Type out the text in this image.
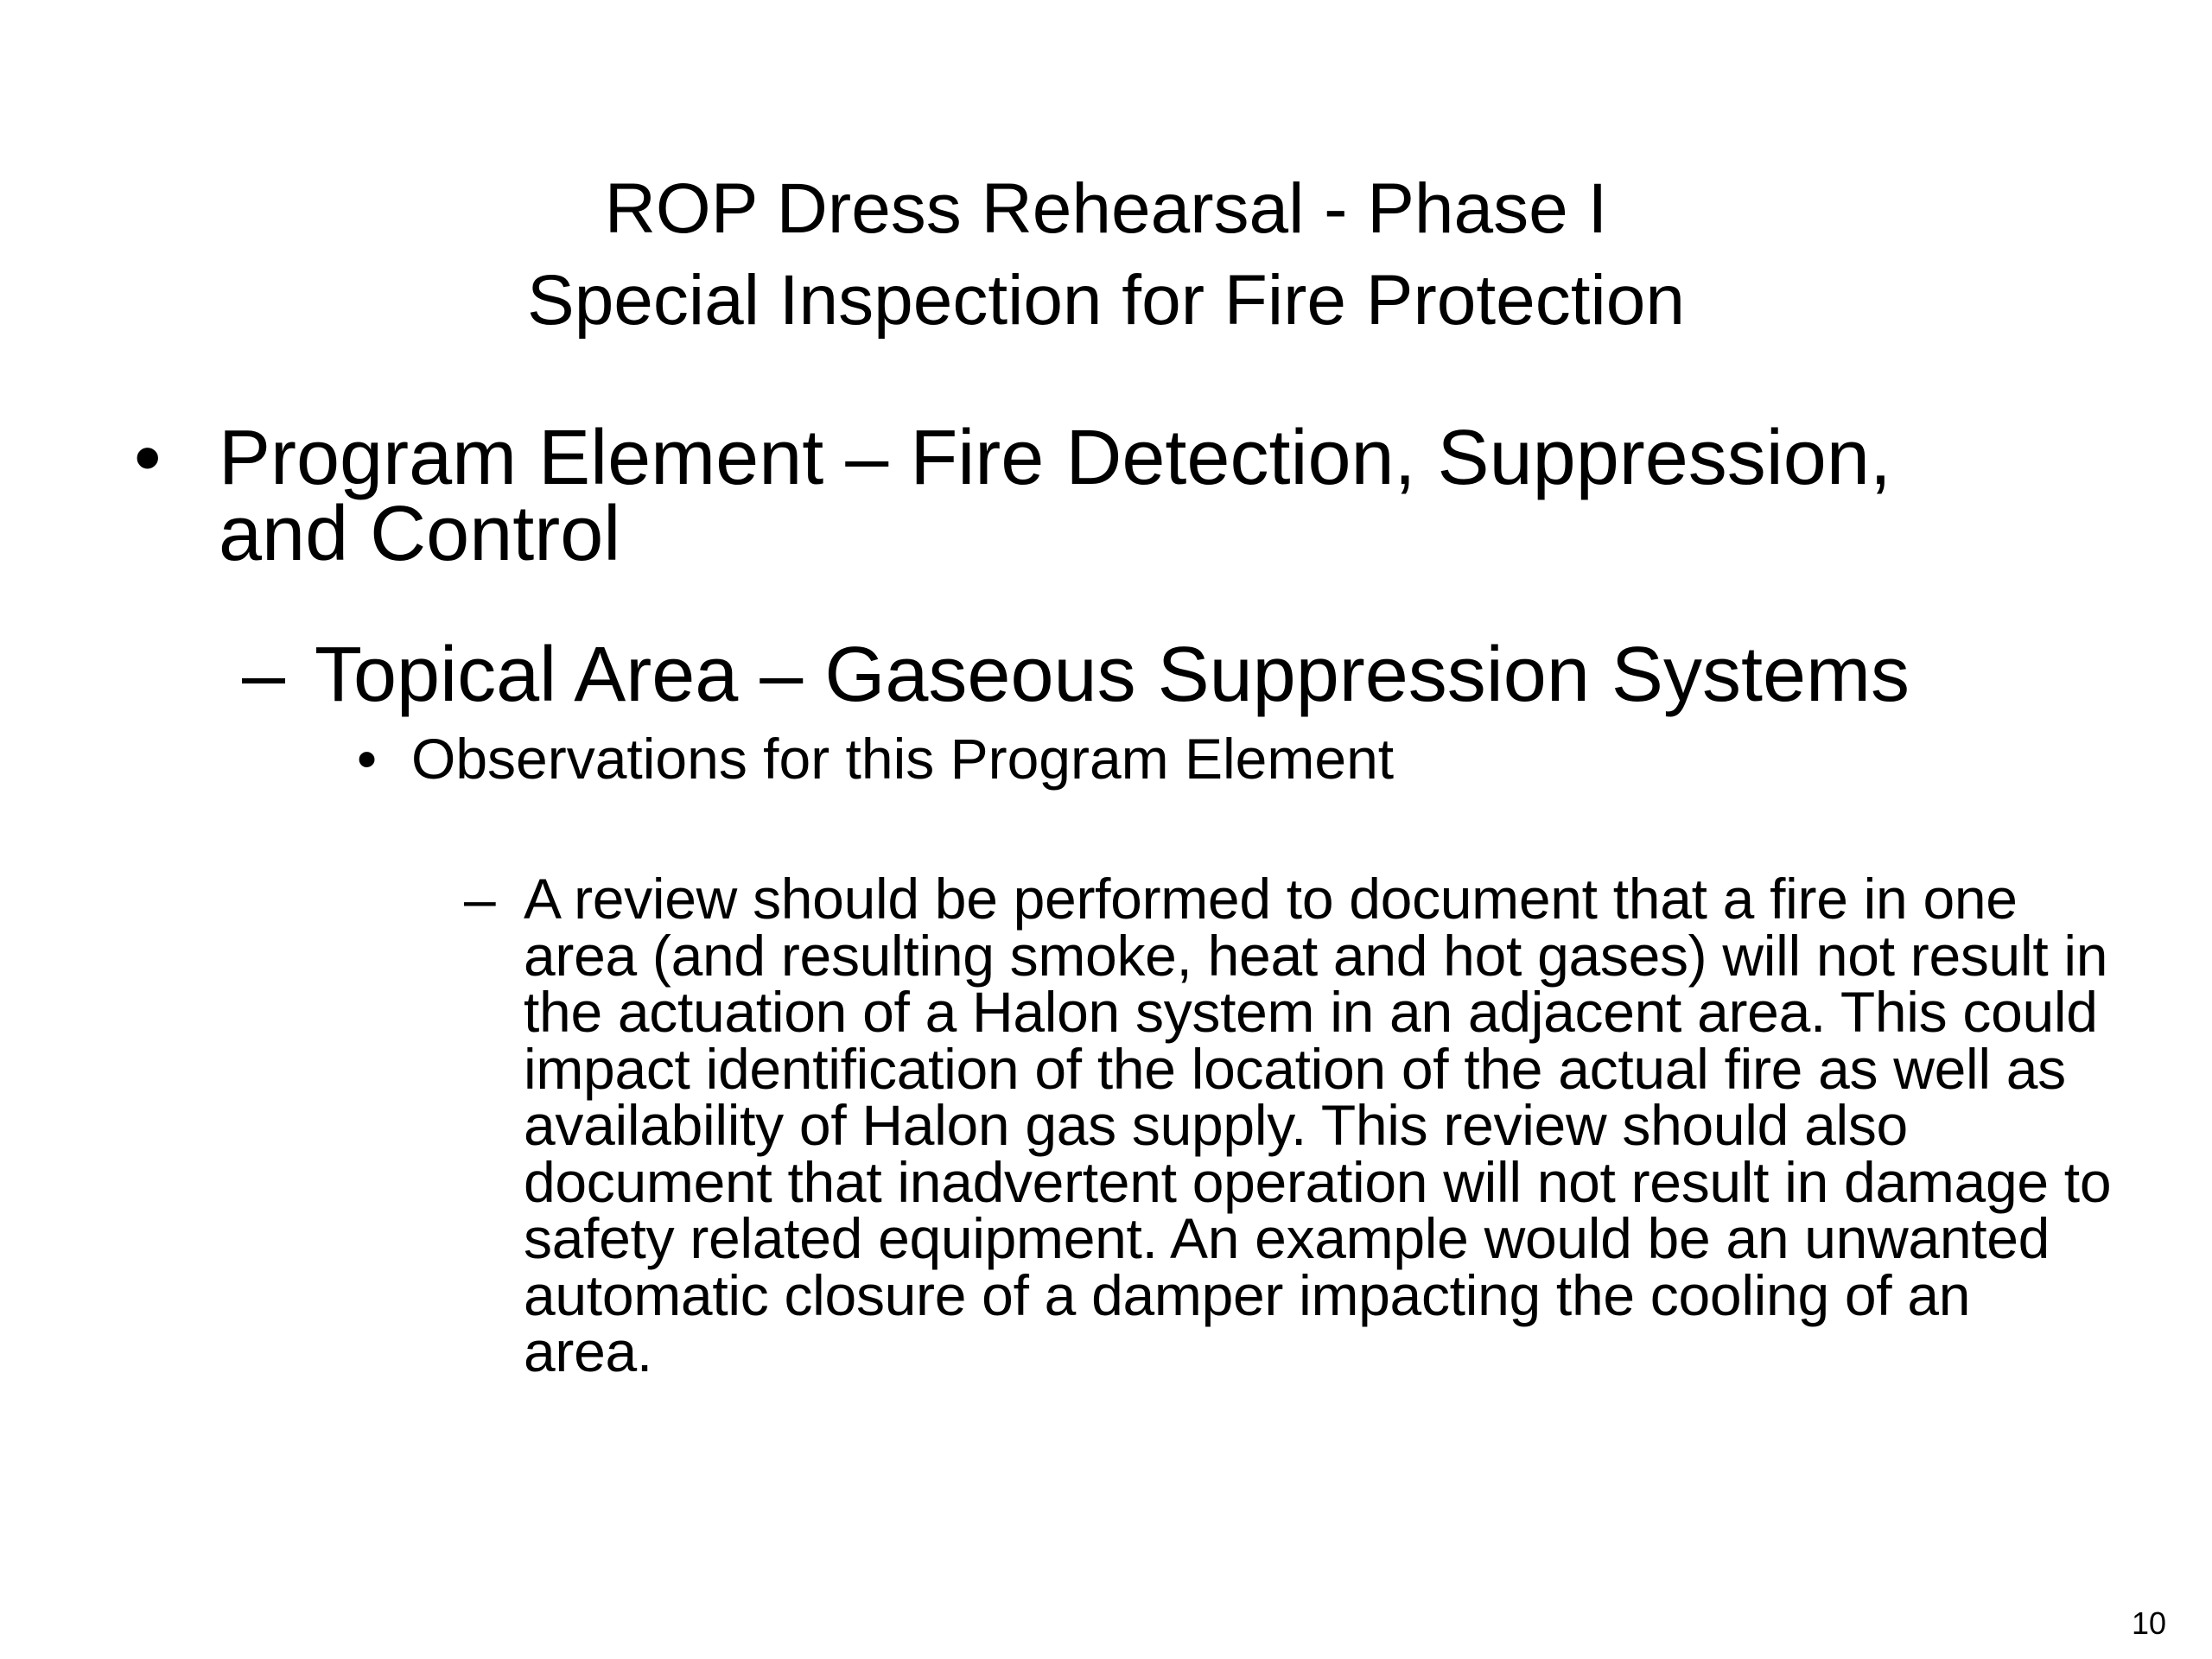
ROP Dress Rehearsal - Phase I
Special Inspection for Fire Protection
• Program Element – Fire Detection, Suppression, and Control
– Topical Area – Gaseous Suppression Systems
• Observations for this Program Element
– A review should be performed to document that a fire in one area (and resulting smoke, heat and hot gases) will not result in the actuation of a Halon system in an adjacent area. This could impact identification of the location of the actual fire as well as availability of Halon gas supply. This review should also document that inadvertent operation will not result in damage to safety related equipment. An example would be an unwanted automatic closure of a damper impacting the cooling of an area.
10
